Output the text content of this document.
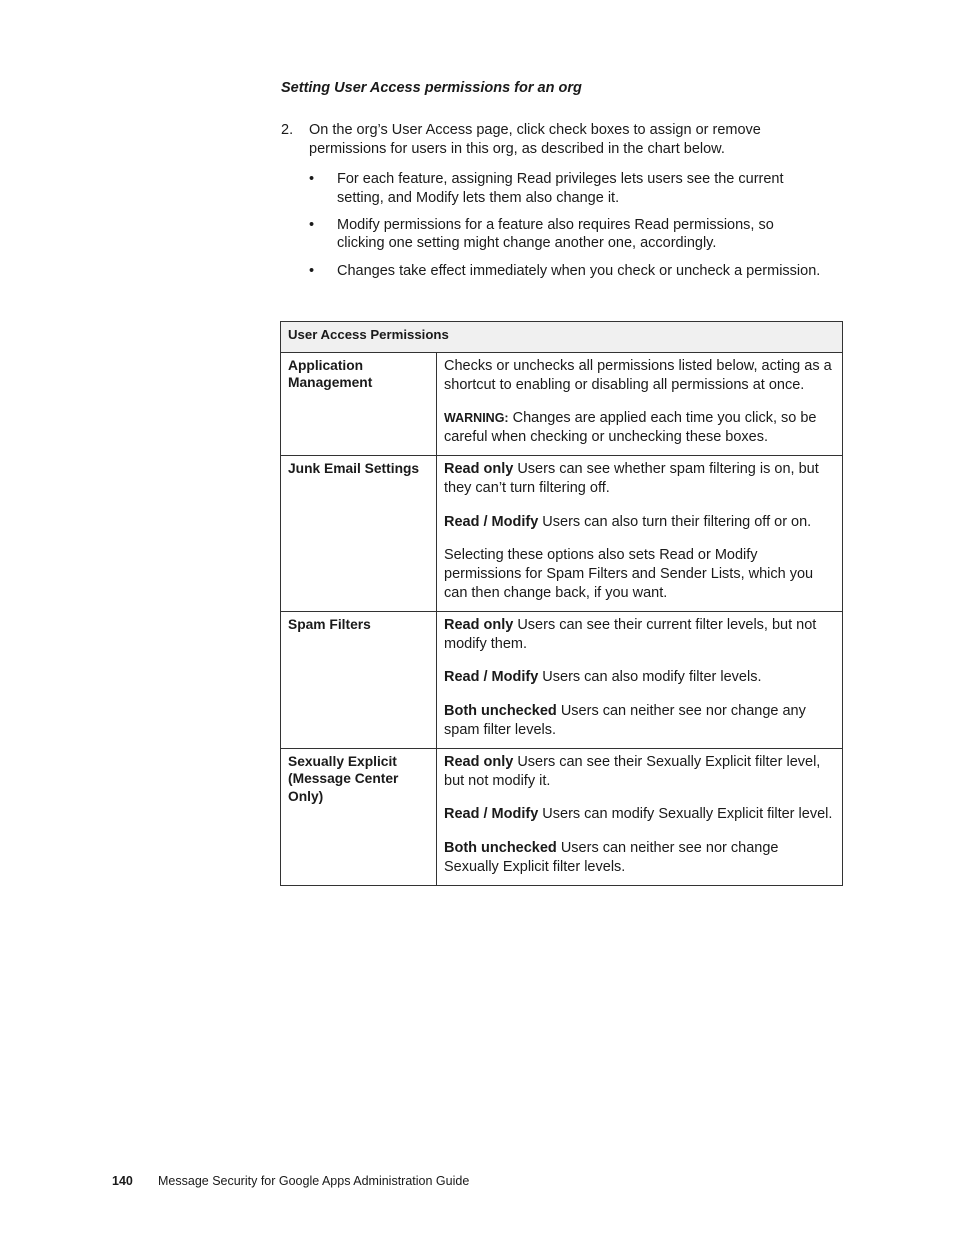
Setting User Access permissions for an org
2. On the org’s User Access page, click check boxes to assign or remove permissions for users in this org, as described in the chart below.
• For each feature, assigning Read privileges lets users see the current setting, and Modify lets them also change it.
• Modify permissions for a feature also requires Read permissions, so clicking one setting might change another one, accordingly.
• Changes take effect immediately when you check or uncheck a permission.
User Access Permissions	
Application Management	Checks or unchecks all permissions listed below, acting as a shortcut to enabling or disabling all permissions at once.

WARNING: Changes are applied each time you click, so be careful when checking or unchecking these boxes.

Junk Email Settings	Read only Users can see whether spam filtering is on, but they can’t turn filtering off.

Read / Modify Users can also turn their filtering off or on.

Selecting these options also sets Read or Modify permissions for Spam Filters and Sender Lists, which you can then change back, if you want.

Spam Filters	Read only Users can see their current filter levels, but not modify them.

Read / Modify Users can also modify filter levels.

Both unchecked Users can neither see nor change any spam filter levels.

Sexually Explicit (Message Center Only)	Read only Users can see their Sexually Explicit filter level, but not modify it.

Read / Modify Users can modify Sexually Explicit filter level.

Both unchecked Users can neither see nor change Sexually Explicit filter levels.

140 Message Security for Google Apps Administration Guide
